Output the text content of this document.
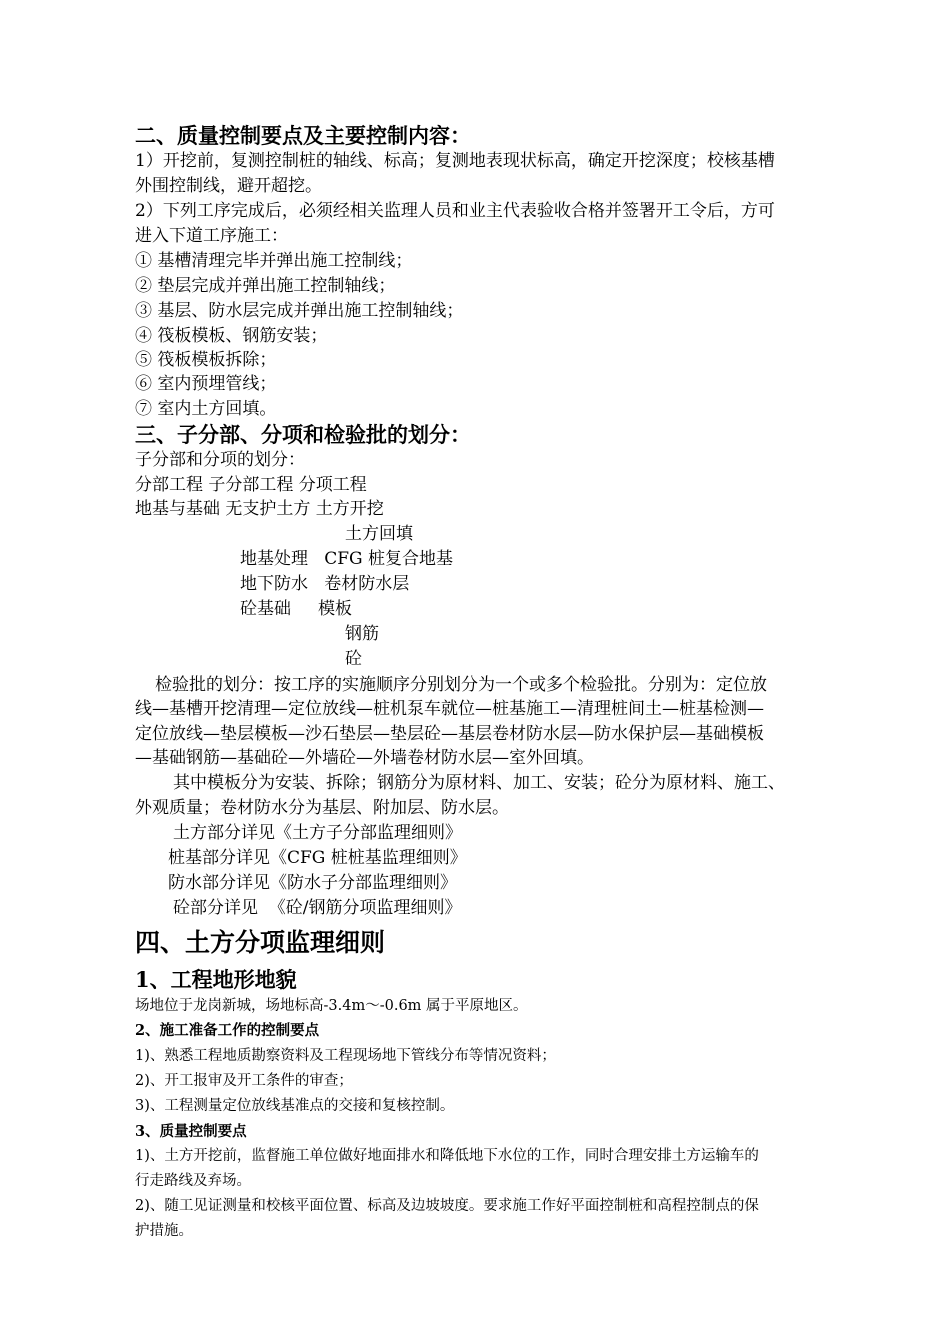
二、质量控制要点及主要控制内容：
1）开挖前，复测控制桩的轴线、标高；复测地表现状标高，确定开挖深度；校核基槽
外围控制线，避开超挖。
2）下列工序完成后，必须经相关监理人员和业主代表验收合格并签署开工令后，方可
进入下道工序施工：
① 基槽清理完毕并弹出施工控制线；
② 垫层完成并弹出施工控制轴线；
③ 基层、防水层完成并弹出施工控制轴线；
④ 筏板模板、钢筋安装；
⑤ 筏板模板拆除；
⑥ 室内预埋管线；
⑦ 室内土方回填。
三、子分部、分项和检验批的划分：
子分部和分项的划分：
分部工程 子分部工程 分项工程
地基与基础 无支护土方 土方开挖
土方回填
地基处理   CFG 桩复合地基
地下防水   卷材防水层
砼基础     模板
钢筋
砼
检验批的划分：按工序的实施顺序分别划分为一个或多个检验批。分别为：定位放
线—基槽开挖清理—定位放线—桩机泵车就位—桩基施工—清理桩间土—桩基检测—
定位放线—垫层模板—沙石垫层—垫层砼—基层卷材防水层—防水保护层—基础模板
—基础钢筋—基础砼—外墙砼—外墙卷材防水层—室外回填。
其中模板分为安装、拆除；钢筋分为原材料、加工、安装；砼分为原材料、施工、
外观质量；卷材防水分为基层、附加层、防水层。
土方部分详见《土方子分部监理细则》
桩基部分详见《CFG 桩桩基监理细则》
防水部分详见《防水子分部监理细则》
砼部分详见  《砼/钢筋分项监理细则》
四、土方分项监理细则
1、工程地形地貌
场地位于龙岗新城，场地标高-3.4m～-0.6m 属于平原地区。
2、施工准备工作的控制要点
1)、熟悉工程地质勘察资料及工程现场地下管线分布等情况资料；
2)、开工报审及开工条件的审查；
3)、工程测量定位放线基准点的交接和复核控制。
3、质量控制要点
1)、土方开挖前，监督施工单位做好地面排水和降低地下水位的工作，同时合理安排土方运输车的
行走路线及弃场。
2)、随工见证测量和校核平面位置、标高及边坡坡度。要求施工作好平面控制桩和高程控制点的保
护措施。
